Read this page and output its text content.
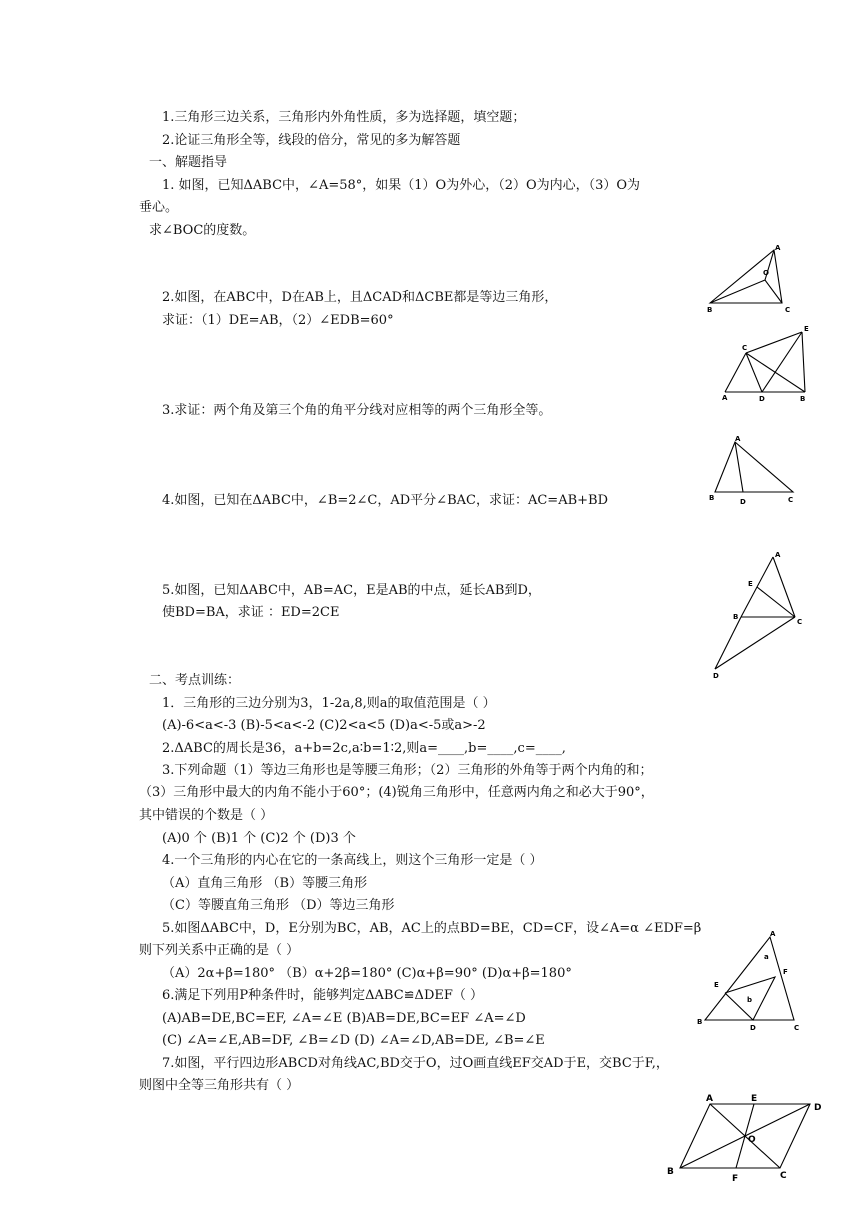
1.三角形三边关系，三角形内外角性质，多为选择题，填空题；
2.论证三角形全等，线段的倍分，常见的多为解答题
一、解题指导
1. 如图，已知ΔABC中，∠A=58°，如果（1）O为外心，（2）O为内心，（3）O为
垂心。
求∠BOC的度数。
2.如图，在ABC中，D在AB上，且ΔCAD和ΔCBE都是等边三角形，
求证：（1）DE=AB，（2）∠EDB=60°
3.求证：两个角及第三个角的角平分线对应相等的两个三角形全等。
4.如图，已知在ΔABC中，∠B=2∠C，AD平分∠BAC，求证：AC=AB+BD
5.如图，已知ΔABC中，AB=AC，E是AB的中点，延长AB到D，
使BD=BA，求证 ：ED=2CE
二、考点训练：
1．三角形的三边分别为3，1-2a,8,则a的取值范围是（ ）
(A)-6<a<-3 (B)-5<a<-2 (C)2<a<5 (D)a<-5或a>-2
2.ΔABC的周长是36，a+b=2c,a∶b=1∶2,则a=____,b=____,c=____,
3.下列命题（1）等边三角形也是等腰三角形；（2）三角形的外角等于两个内角的和；
（3）三角形中最大的内角不能小于60°；(4)锐角三角形中，任意两内角之和必大于90°，
其中错误的个数是（ ）
(A)0 个 (B)1 个 (C)2 个 (D)3 个
4.一个三角形的内心在它的一条高线上，则这个三角形一定是（ ）
（A）直角三角形 （B）等腰三角形
（C）等腰直角三角形 （D）等边三角形
5.如图ΔABC中，D，E分别为BC，AB，AC上的点BD=BE，CD=CF，设∠A=α ∠EDF=β
则下列关系中正确的是（ ）
（A）2α+β=180° （B）α+2β=180° (C)α+β=90° (D)α+β=180°
6.满足下列用P种条件时，能够判定ΔABC≌ΔDEF（ ）
(A)AB=DE,BC=EF, ∠A=∠E (B)AB=DE,BC=EF ∠A=∠D
(C) ∠A=∠E,AB=DF, ∠B=∠D (D) ∠A=∠D,AB=DE, ∠B=∠E
7.如图，平行四边形ABCD对角线AC,BD交于O，过O画直线EF交AD于E，交BC于F,，
则图中全等三角形共有（ ）
A
O
B	C
C
E
A	D	B
A
B	D	C
A
E
B
C
D
A
a
F
E
b
B
D	C
A	E
D
O
B
F	C
